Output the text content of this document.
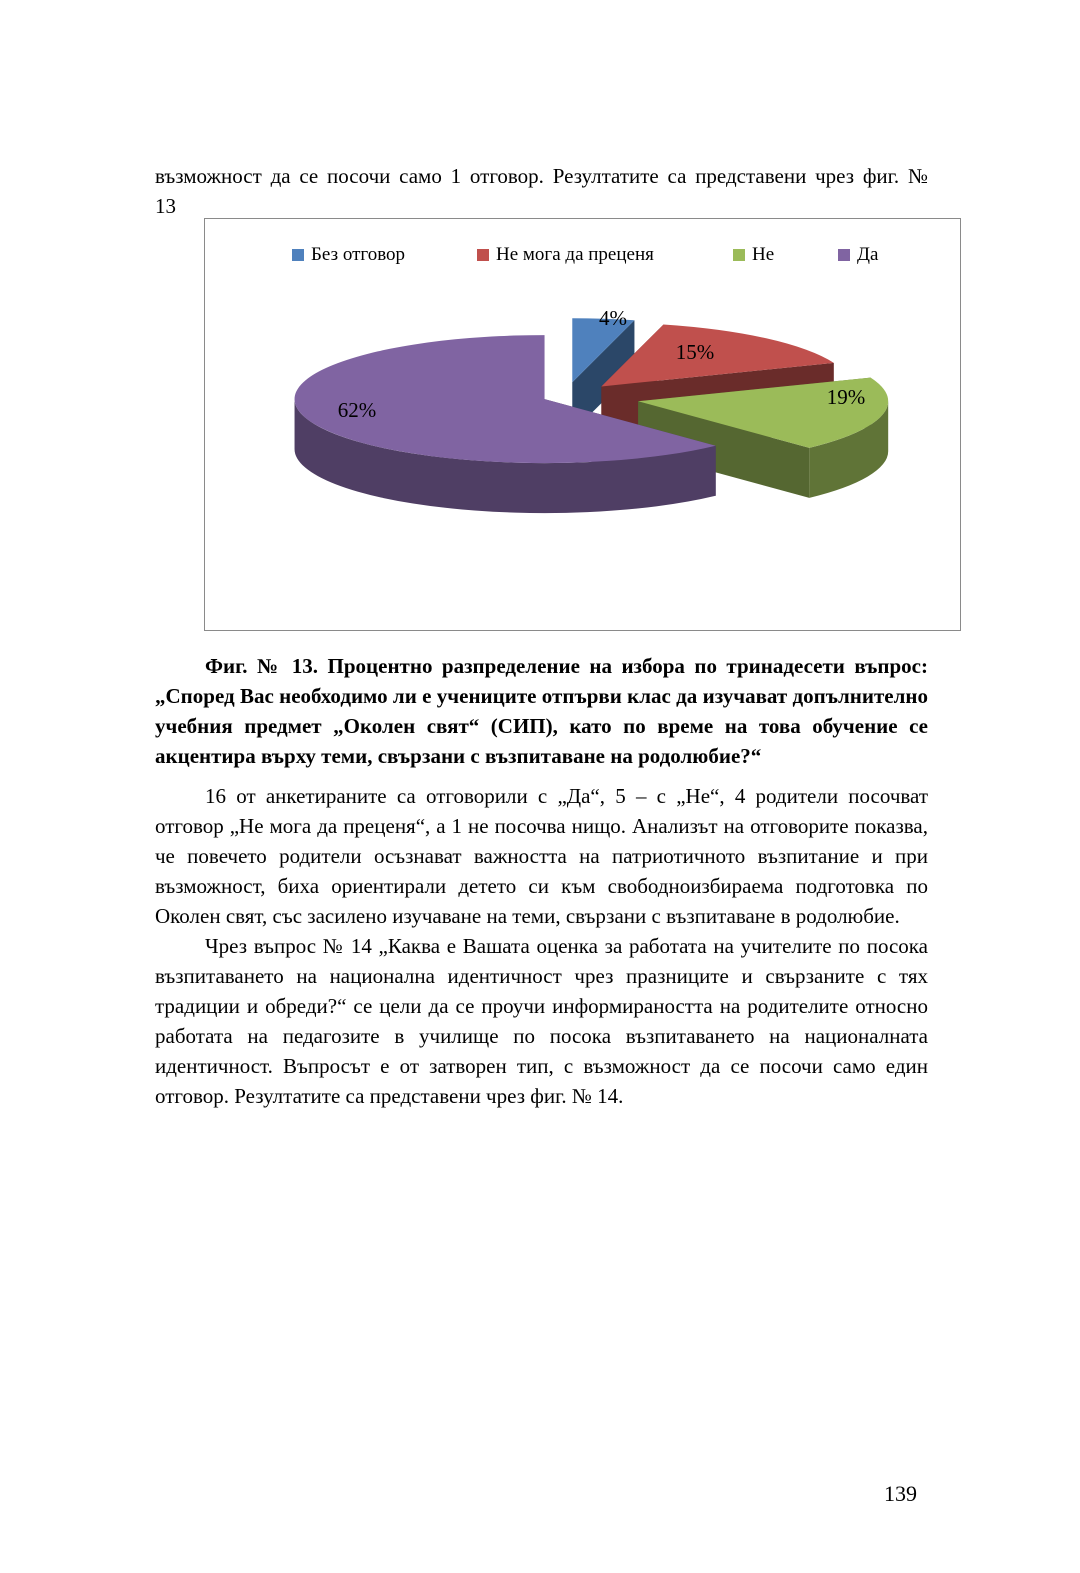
възможност да се посочи само 1 отговор. Резултатите са представени чрез фиг. №
13
4%
15%
19%
62%
Без отговор	Не мога да преценя	Не	Да
Фиг. № 13. Процентно разпределение на избора по тринадесети въпрос: „Според Вас необходимо ли е учениците отпърви клас да изучават допълнително учебния предмет „Околен свят“ (СИП), като по време на това обучение се акцентира върху теми, свързани с възпитаване на родолюбие?“

16 от анкетираните са отговорили с „Да“, 5 – с „Не“, 4 родители посочват отговор „Не мога да преценя“, а 1 не посочва нищо. Анализът на отговорите показва, че повечето родители осъзнават важността на патриотичното възпитание и при възможност, биха ориентирали детето си към свободноизбираема подготовка по Околен свят, със засилено изучаване на теми, свързани с възпитаване в родолюбие.

Чрез въпрос № 14 „Каква е Вашата оценка за работата на учителите по посока възпитаването на национална идентичност чрез празниците и свързаните с тях традиции и обреди?“ се цели да се проучи информираността на родителите относно работата на педагозите в училище по посока възпитаването на националната идентичност. Въпросът е от затворен тип, с възможност да се посочи само един отговор. Резултатите са представени чрез фиг. № 14.

139
